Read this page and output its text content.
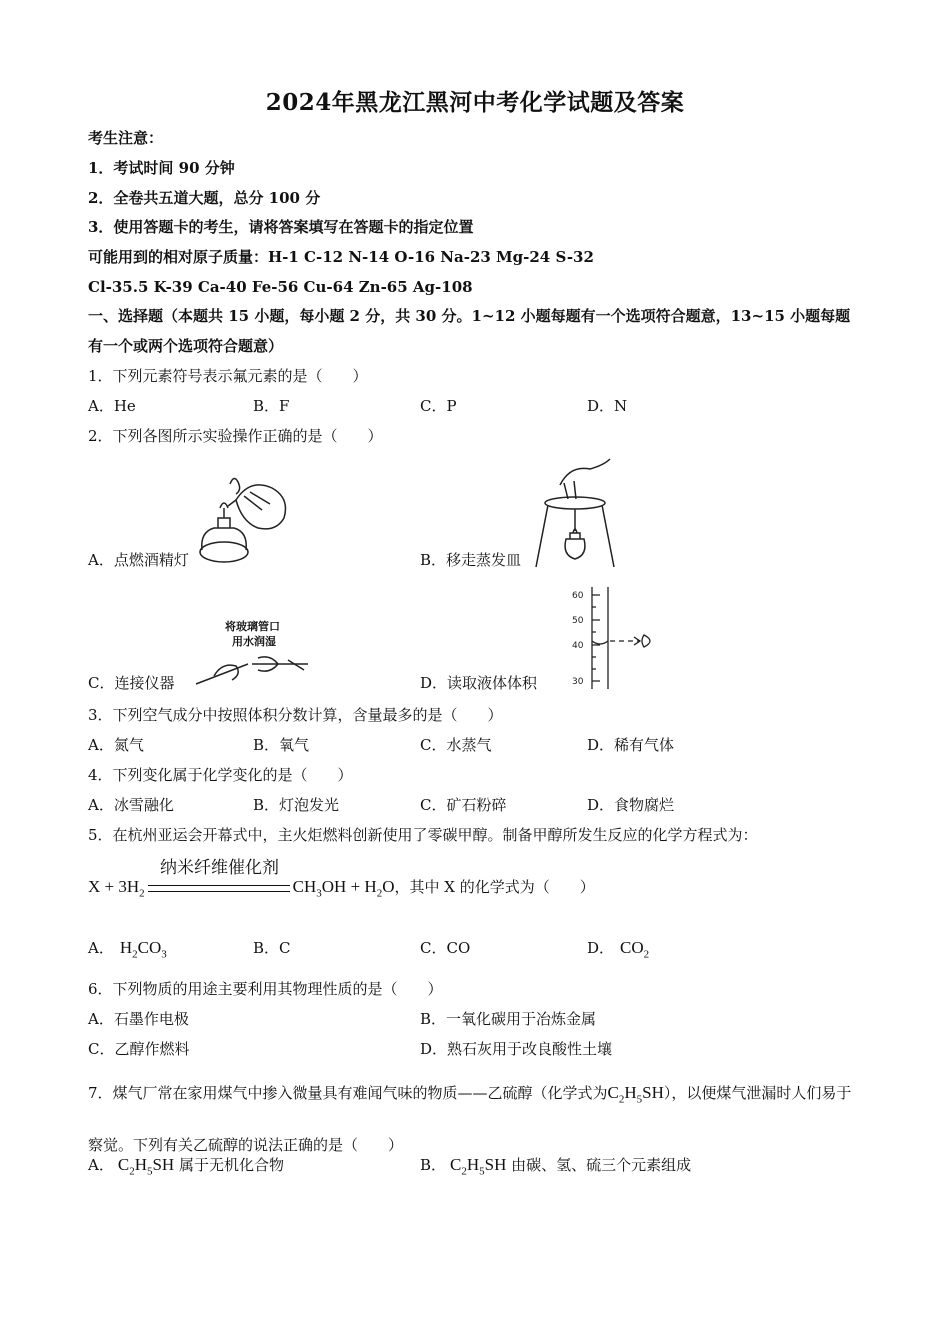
2024年黑龙江黑河中考化学试题及答案
考生注意：
1．考试时间 90 分钟
2．全卷共五道大题，总分 100 分
3．使用答题卡的考生，请将答案填写在答题卡的指定位置
可能用到的相对原子质量：H-1 C-12 N-14 O-16 Na-23 Mg-24 S-32
Cl-35.5 K-39 Ca-40 Fe-56 Cu-64 Zn-65 Ag-108
一、选择题（本题共 15 小题，每小题 2 分，共 30 分。1~12 小题每题有一个选项符合题意，13~15 小题每题有一个或两个选项符合题意）
1．下列元素符号表示氟元素的是（　　）
A．He	B．F	C．P	D．N
2．下列各图所示实验操作正确的是（　　）
A．点燃酒精灯	B．移走蒸发皿
将玻璃管口
用水润湿
C．连接仪器
60
50
40
30
D．读取液体体积
3．下列空气成分中按照体积分数计算，含量最多的是（　　）
A．氮气	B．氧气	C．水蒸气	D．稀有气体
4．下列变化属于化学变化的是（　　）
A．冰雪融化	B．灯泡发光	C．矿石粉碎	D．食物腐烂
5．在杭州亚运会开幕式中，主火炬燃料创新使用了零碳甲醇。制备甲醇所发生反应的化学方程式为：
纳米纤维催化剂
$X + 3H_2$	$CH_3OH + H_2O$，其中 X 的化学式为（　　）
A． $H_2CO_3$	B．C	C．CO	D． $CO_2$
6．下列物质的用途主要利用其物理性质的是（　　）
A．石墨作电极	B．一氧化碳用于冶炼金属
C．乙醇作燃料	D．熟石灰用于改良酸性土壤
7．煤气厂常在家用煤气中掺入微量具有难闻气味的物质——乙硫醇（化学式为$C_2H_5SH$），以便煤气泄漏时人们易于察觉。下列有关乙硫醇的说法正确的是（　　）
A． $C_2H_5SH$ 属于无机化合物	B． $C_2H_5SH$ 由碳、氢、硫三个元素组成
